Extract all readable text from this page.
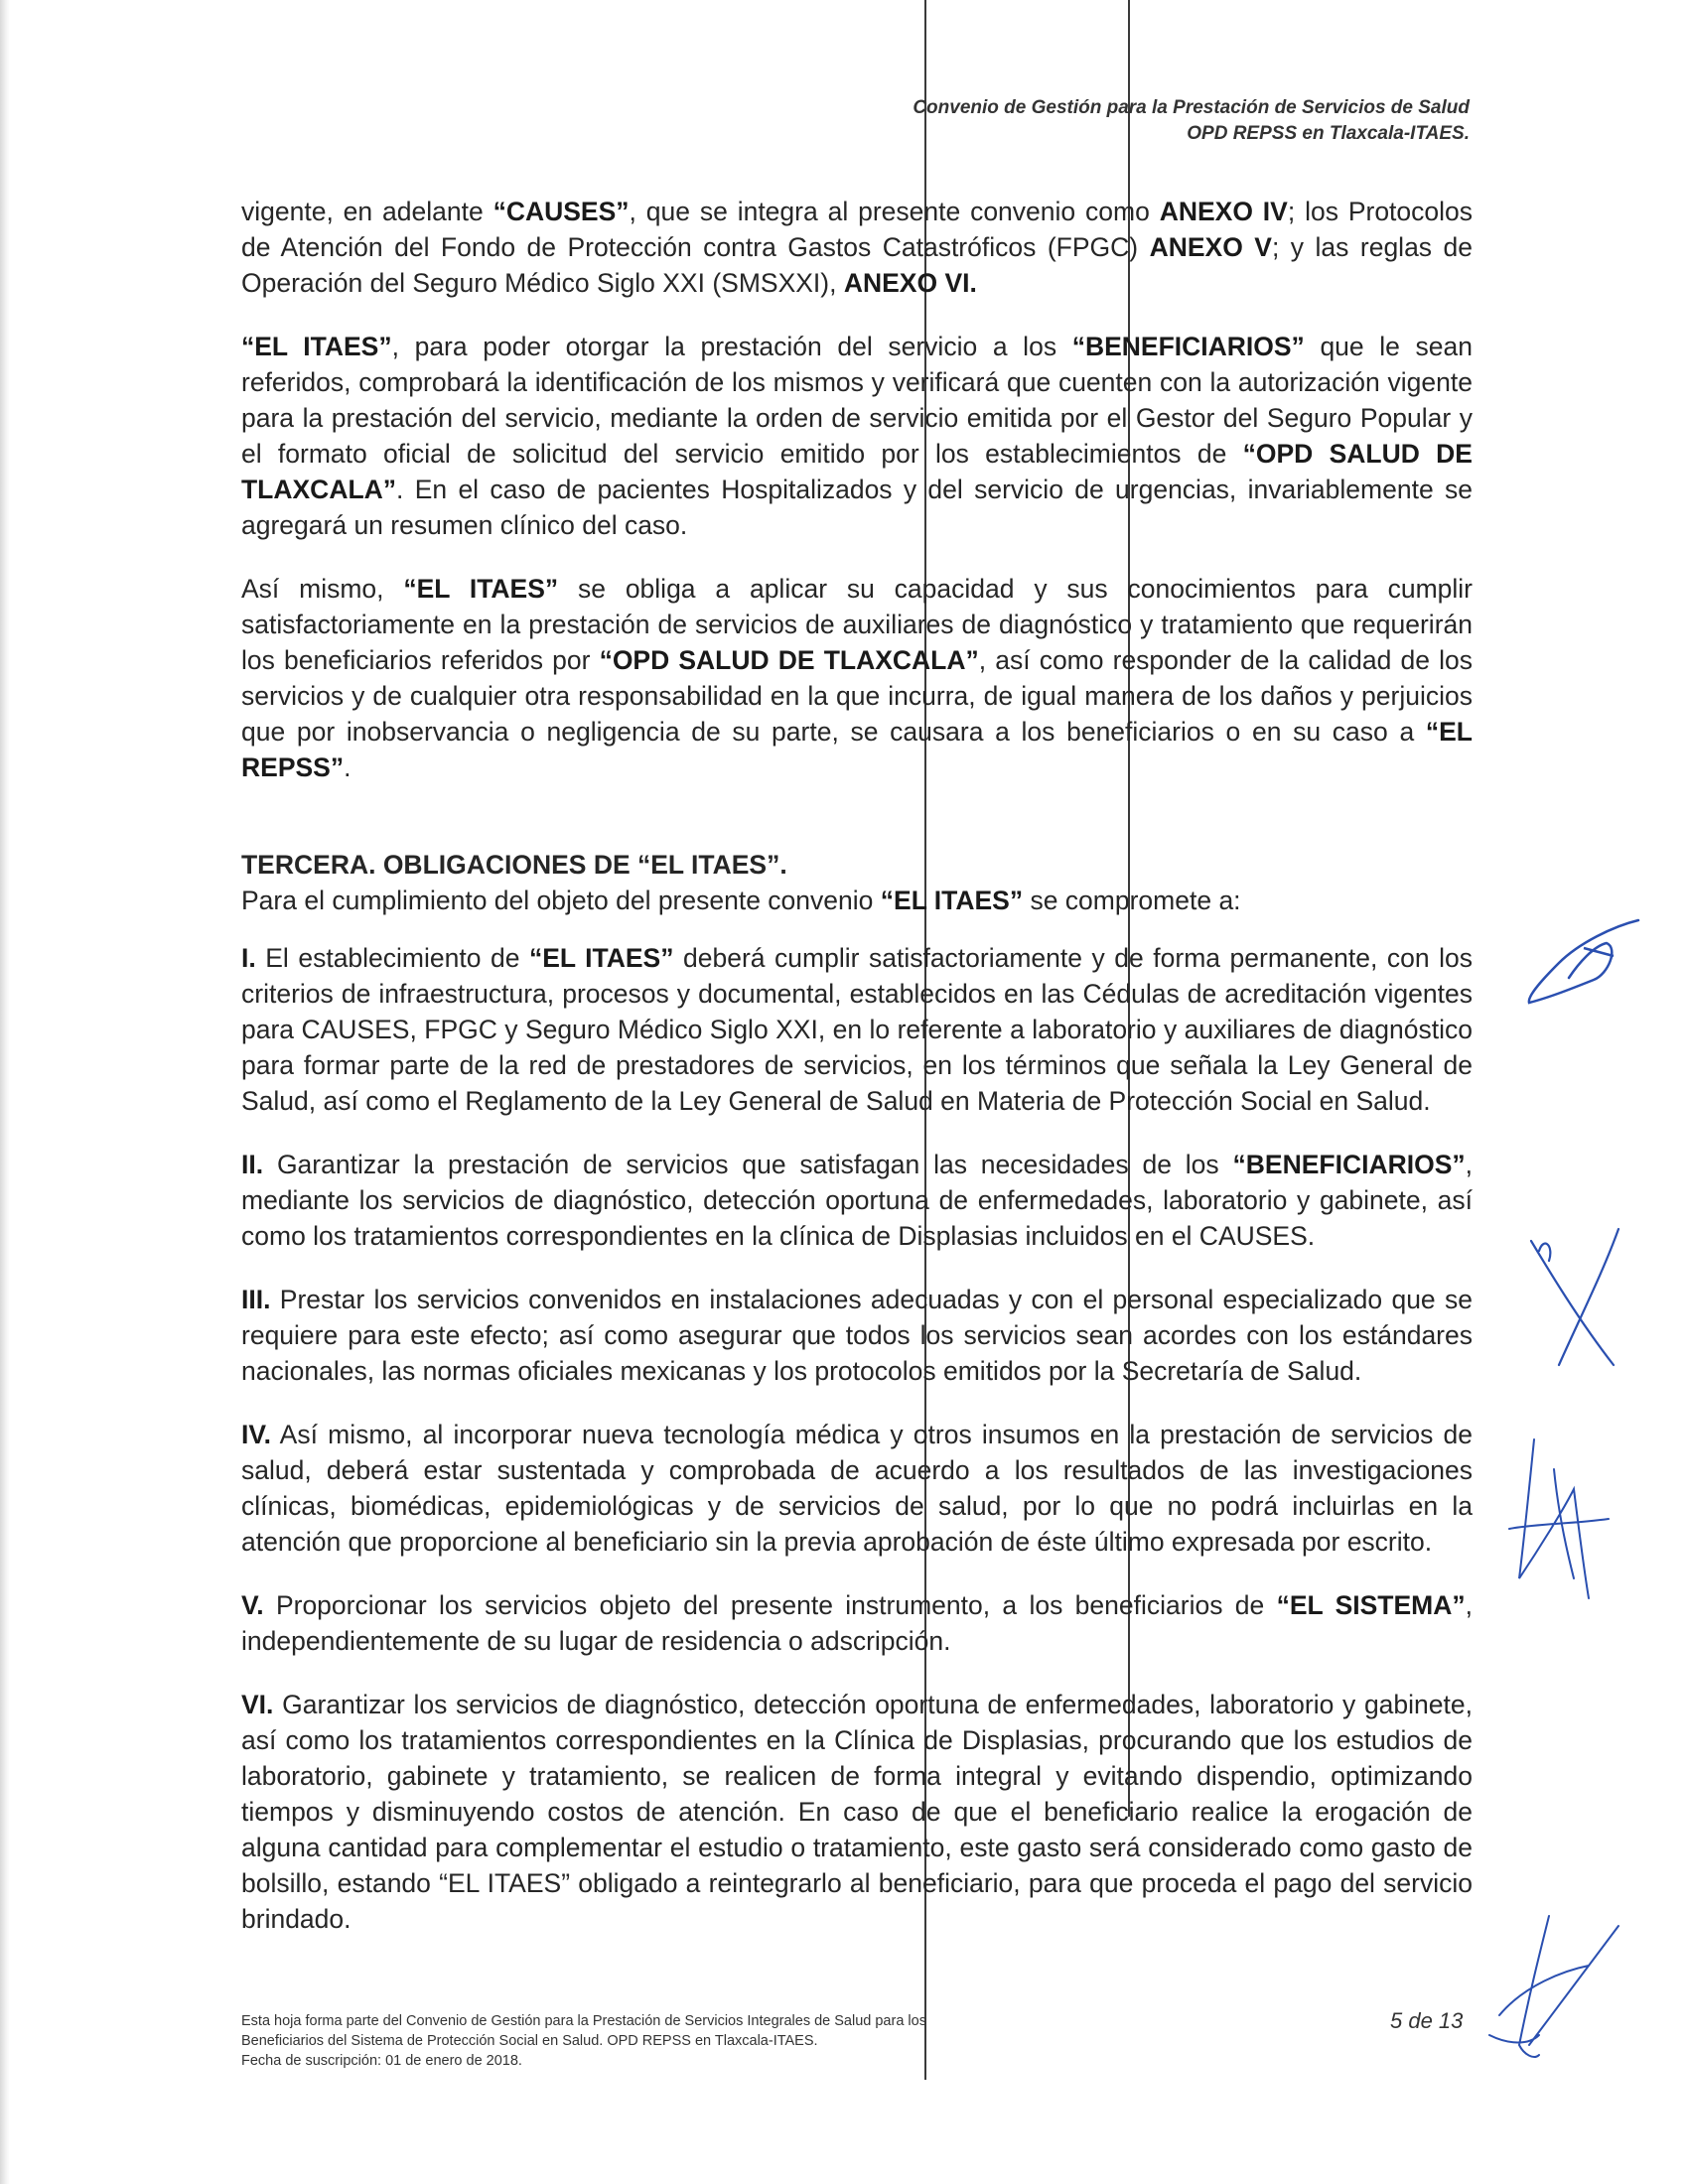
Convenio de Gestión para la Prestación de Servicios de Salud
OPD REPSS en Tlaxcala-ITAES.

vigente, en adelante “CAUSES”, que se integra al presente convenio como ANEXO IV; los Protocolos de Atención del Fondo de Protección contra Gastos Catastróficos (FPGC) ANEXO V; y las reglas de Operación del Seguro Médico Siglo XXI (SMSXXI), ANEXO VI.

“EL ITAES”, para poder otorgar la prestación del servicio a los “BENEFICIARIOS” que le sean referidos, comprobará la identificación de los mismos y verificará que cuenten con la autorización vigente para la prestación del servicio, mediante la orden de servicio emitida por el Gestor del Seguro Popular y el formato oficial de solicitud del servicio emitido por los establecimientos de “OPD SALUD DE TLAXCALA”. En el caso de pacientes Hospitalizados y del servicio de urgencias, invariablemente se agregará un resumen clínico del caso.

Así mismo, “EL ITAES” se obliga a aplicar su capacidad y sus conocimientos para cumplir satisfactoriamente en la prestación de servicios de auxiliares de diagnóstico y tratamiento que requerirán los beneficiarios referidos por “OPD SALUD DE TLAXCALA”, así como responder de la calidad de los servicios y de cualquier otra responsabilidad en la que incurra, de igual manera de los daños y perjuicios que por inobservancia o negligencia de su parte, se causara a los beneficiarios o en su caso a “EL REPSS”.

TERCERA. OBLIGACIONES DE “EL ITAES”.

Para el cumplimiento del objeto del presente convenio “EL ITAES” se compromete a:

I. El establecimiento de “EL ITAES” deberá cumplir satisfactoriamente y de forma permanente, con los criterios de infraestructura, procesos y documental, establecidos en las Cédulas de acreditación vigentes para CAUSES, FPGC y Seguro Médico Siglo XXI, en lo referente a laboratorio y auxiliares de diagnóstico para formar parte de la red de prestadores de servicios, en los términos que señala la Ley General de Salud, así como el Reglamento de la Ley General de Salud en Materia de Protección Social en Salud.

II. Garantizar la prestación de servicios que satisfagan las necesidades de los “BENEFICIARIOS”, mediante los servicios de diagnóstico, detección oportuna de enfermedades, laboratorio y gabinete, así como los tratamientos correspondientes en la clínica de Displasias incluidos en el CAUSES.

III. Prestar los servicios convenidos en instalaciones adecuadas y con el personal especializado que se requiere para este efecto; así como asegurar que todos los servicios sean acordes con los estándares nacionales, las normas oficiales mexicanas y los protocolos emitidos por la Secretaría de Salud.

IV. Así mismo, al incorporar nueva tecnología médica y otros insumos en la prestación de servicios de salud, deberá estar sustentada y comprobada de acuerdo a los resultados de las investigaciones clínicas, biomédicas, epidemiológicas y de servicios de salud, por lo que no podrá incluirlas en la atención que proporcione al beneficiario sin la previa aprobación de éste último expresada por escrito.

V. Proporcionar los servicios objeto del presente instrumento, a los beneficiarios de “EL SISTEMA”, independientemente de su lugar de residencia o adscripción.

VI. Garantizar los servicios de diagnóstico, detección oportuna de enfermedades, laboratorio y gabinete, así como los tratamientos correspondientes en la Clínica de Displasias, procurando que los estudios de laboratorio, gabinete y tratamiento, se realicen de forma integral y evitando dispendio, optimizando tiempos y disminuyendo costos de atención. En caso de que el beneficiario realice la erogación de alguna cantidad para complementar el estudio o tratamiento, este gasto será considerado como gasto de bolsillo, estando “EL ITAES” obligado a reintegrarlo al beneficiario, para que proceda el pago del servicio brindado.

Esta hoja forma parte del Convenio de Gestión para la Prestación de Servicios Integrales de Salud para los
Beneficiarios del Sistema de Protección Social en Salud. OPD REPSS en Tlaxcala-ITAES.
Fecha de suscripción: 01 de enero de 2018.
5 de 13
